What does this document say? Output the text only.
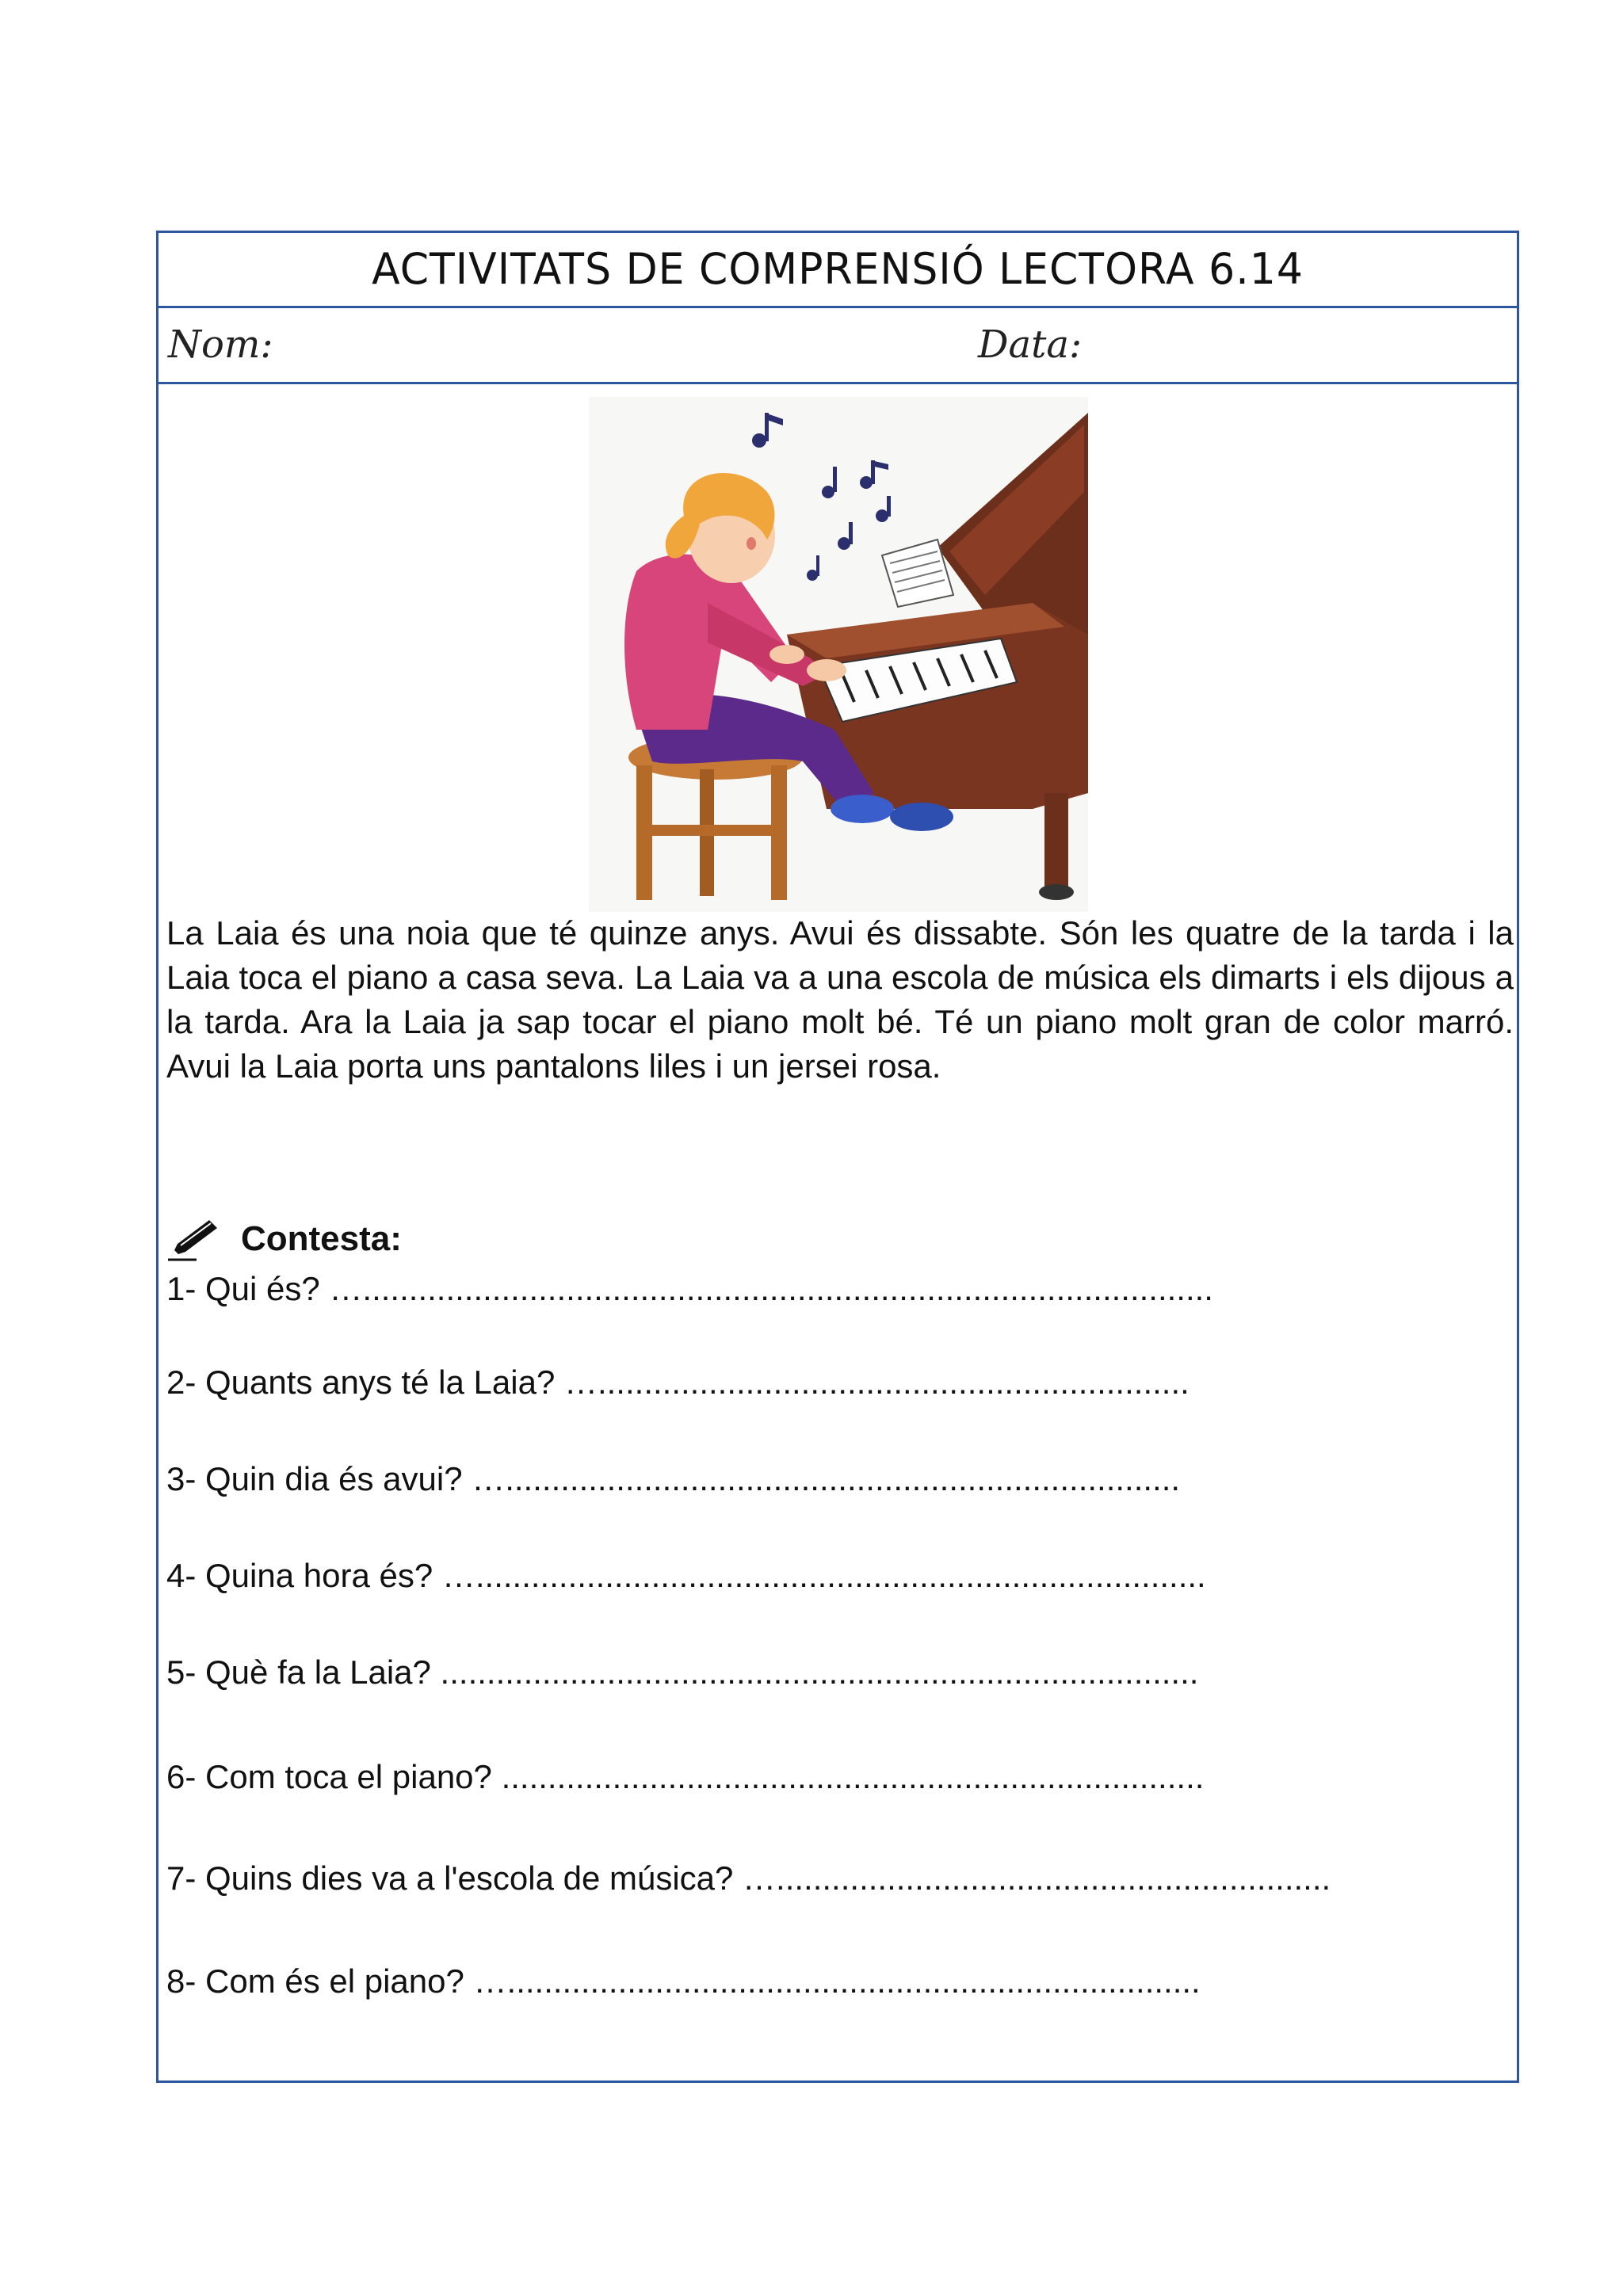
ACTIVITATS DE COMPRENSIÓ LECTORA 6.14
Nom:	Data:
La Laia és una noia que té quinze anys. Avui és dissabte. Són les quatre de la tarda i la Laia toca el piano a casa seva. La Laia va a una escola de música els dimarts i els dijous a la tarda. Ara la Laia ja sap tocar el piano molt bé. Té un piano molt gran de color marró. Avui la Laia porta uns pantalons liles i un jersei rosa.
Contesta:
1- Qui és? …............................................................................................
2- Quants anys té la Laia? …................................................................
3- Quin dia és avui? ….........................................................................
4- Quina hora és? …...............................................................................
5- Què fa la Laia? ..................................................................................
6- Com toca el piano? ............................................................................
7- Quins dies va a l'escola de música? …............................................................
8- Com és el piano? …...........................................................................
